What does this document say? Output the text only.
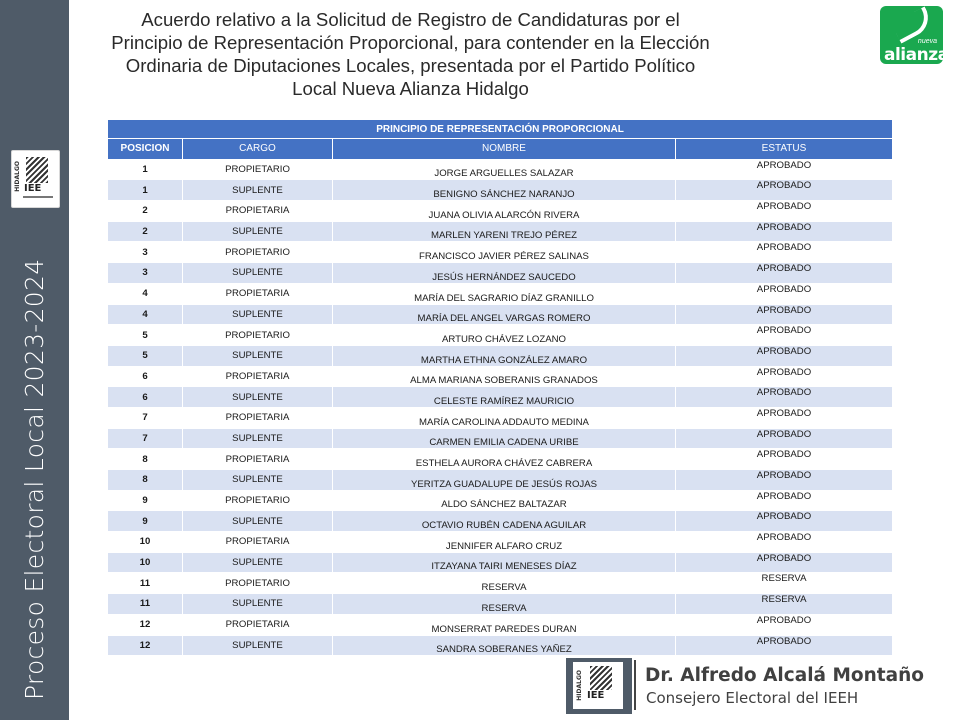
HIDALGO IEE
Proceso Electoral Local 2023-2024
Acuerdo relativo a la Solicitud de Registro de Candidaturas por el
Principio de Representación Proporcional, para contender en la Elección
Ordinaria de Diputaciones Locales, presentada por el Partido Político
Local Nueva Alianza Hidalgo
nueva
alianza
PRINCIPIO DE REPRESENTACIÓN PROPORCIONAL			
POSICION	CARGO	NOMBRE	ESTATUS
1	PROPIETARIO	JORGE ARGUELLES SALAZAR	APROBADO
1	SUPLENTE	BENIGNO SÁNCHEZ NARANJO	APROBADO
2	PROPIETARIA	JUANA OLIVIA ALARCÓN RIVERA	APROBADO
2	SUPLENTE	MARLEN YARENI TREJO PÉREZ	APROBADO
3	PROPIETARIO	FRANCISCO JAVIER PÉREZ SALINAS	APROBADO
3	SUPLENTE	JESÚS HERNÁNDEZ SAUCEDO	APROBADO
4	PROPIETARIA	MARÍA DEL SAGRARIO DÍAZ GRANILLO	APROBADO
4	SUPLENTE	MARÍA DEL ANGEL VARGAS ROMERO	APROBADO
5	PROPIETARIO	ARTURO CHÁVEZ LOZANO	APROBADO
5	SUPLENTE	MARTHA ETHNA GONZÁLEZ AMARO	APROBADO
6	PROPIETARIA	ALMA MARIANA SOBERANIS GRANADOS	APROBADO
6	SUPLENTE	CELESTE RAMÍREZ MAURICIO	APROBADO
7	PROPIETARIA	MARÍA CAROLINA ADDAUTO MEDINA	APROBADO
7	SUPLENTE	CARMEN EMILIA CADENA URIBE	APROBADO
8	PROPIETARIA	ESTHELA AURORA CHÁVEZ CABRERA	APROBADO
8	SUPLENTE	YERITZA GUADALUPE DE JESÚS ROJAS	APROBADO
9	PROPIETARIO	ALDO SÁNCHEZ BALTAZAR	APROBADO
9	SUPLENTE	OCTAVIO RUBÉN CADENA AGUILAR	APROBADO
10	PROPIETARIA	JENNIFER ALFARO CRUZ	APROBADO
10	SUPLENTE	ITZAYANA TAIRI MENESES DÍAZ	APROBADO
11	PROPIETARIO	RESERVA	RESERVA
11	SUPLENTE	RESERVA	RESERVA
12	PROPIETARIA	MONSERRAT PAREDES DURAN	APROBADO
12	SUPLENTE	SANDRA SOBERANES YAÑEZ	APROBADO
HIDALGO IEE
Dr. Alfredo Alcalá Montaño
Consejero Electoral del IEEH
